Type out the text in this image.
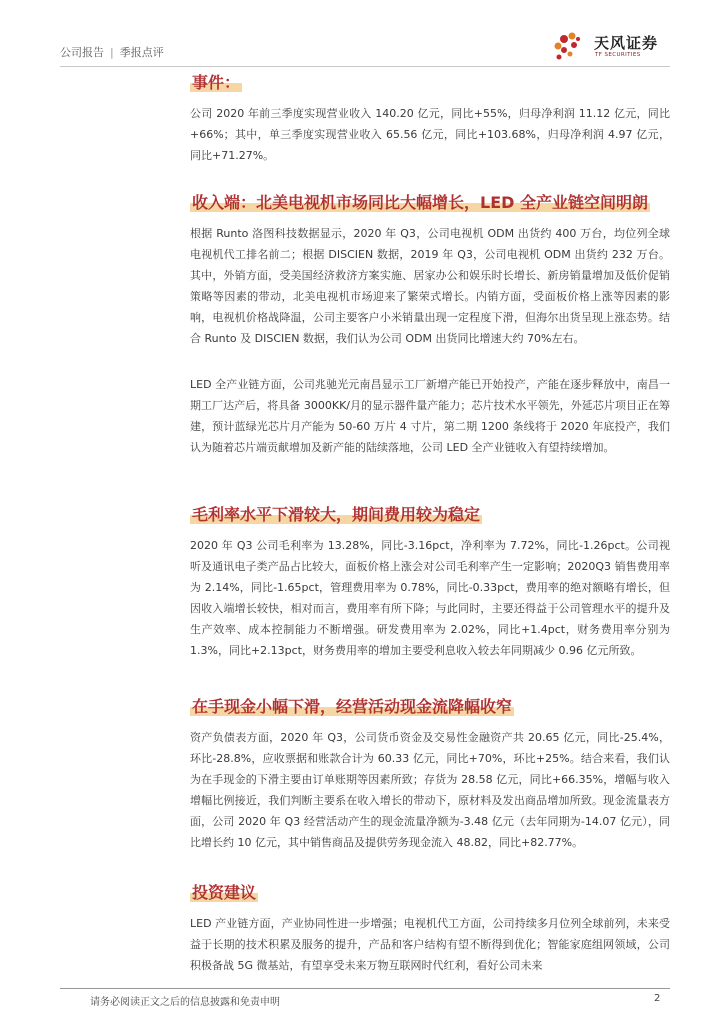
公司报告 | 季报点评
天风证券
TF SECURITIES
事件：

公司 2020 年前三季度实现营业收入 140.20 亿元，同比+55%，归母净利润 11.12 亿元，同比+66%；其中，单三季度实现营业收入 65.56 亿元，同比+103.68%，归母净利润 4.97 亿元，同比+71.27%。

收入端：北美电视机市场同比大幅增长，LED 全产业链空间明朗

根据 Runto 洛图科技数据显示，2020 年 Q3，公司电视机 ODM 出货约 400 万台，均位列全球电视机代工排名前二；根据 DISCIEN 数据，2019 年 Q3，公司电视机 ODM 出货约 232 万台。其中，外销方面，受美国经济救济方案实施、居家办公和娱乐时长增长、新房销量增加及低价促销策略等因素的带动，北美电视机市场迎来了繁荣式增长。内销方面，受面板价格上涨等因素的影响，电视机价格战降温，公司主要客户小米销量出现一定程度下滑，但海尔出货呈现上涨态势。结合 Runto 及 DISCIEN 数据，我们认为公司 ODM 出货同比增速大约 70%左右。

LED 全产业链方面，公司兆驰光元南昌显示工厂新增产能已开始投产，产能在逐步释放中，南昌一期工厂达产后，将具备 3000KK/月的显示器件量产能力；芯片技术水平领先，外延芯片项目正在筹建，预计蓝绿光芯片月产能为 50-60 万片 4 寸片，第二期 1200 条线将于 2020 年底投产，我们认为随着芯片端贡献增加及新产能的陆续落地，公司 LED 全产业链收入有望持续增加。

毛利率水平下滑较大，期间费用较为稳定

2020 年 Q3 公司毛利率为 13.28%，同比-3.16pct，净利率为 7.72%，同比-1.26pct。公司视听及通讯电子类产品占比较大，面板价格上涨会对公司毛利率产生一定影响；2020Q3 销售费用率为 2.14%，同比-1.65pct，管理费用率为 0.78%，同比-0.33pct，费用率的绝对额略有增长，但因收入端增长较快，相对而言，费用率有所下降；与此同时，主要还得益于公司管理水平的提升及生产效率、成本控制能力不断增强。研发费用率为 2.02%，同比+1.4pct，财务费用率分别为 1.3%，同比+2.13pct，财务费用率的增加主要受利息收入较去年同期减少 0.96 亿元所致。

在手现金小幅下滑，经营活动现金流降幅收窄

资产负债表方面，2020 年 Q3，公司货币资金及交易性金融资产共 20.65 亿元，同比-25.4%，环比-28.8%，应收票据和账款合计为 60.33 亿元，同比+70%，环比+25%。结合来看，我们认为在手现金的下滑主要由订单账期等因素所致；存货为 28.58 亿元，同比+66.35%，增幅与收入增幅比例接近，我们判断主要系在收入增长的带动下，原材料及发出商品增加所致。现金流量表方面，公司 2020 年 Q3 经营活动产生的现金流量净额为-3.48 亿元（去年同期为-14.07 亿元），同比增长约 10 亿元，其中销售商品及提供劳务现金流入 48.82，同比+82.77%。

投资建议

LED 产业链方面，产业协同性进一步增强；电视机代工方面，公司持续多月位列全球前列，未来受益于长期的技术积累及服务的提升，产品和客户结构有望不断得到优化；智能家庭组网领域，公司积极备战 5G 微基站，有望享受未来万物互联网时代红利，看好公司未来

请务必阅读正文之后的信息披露和免责申明	2
